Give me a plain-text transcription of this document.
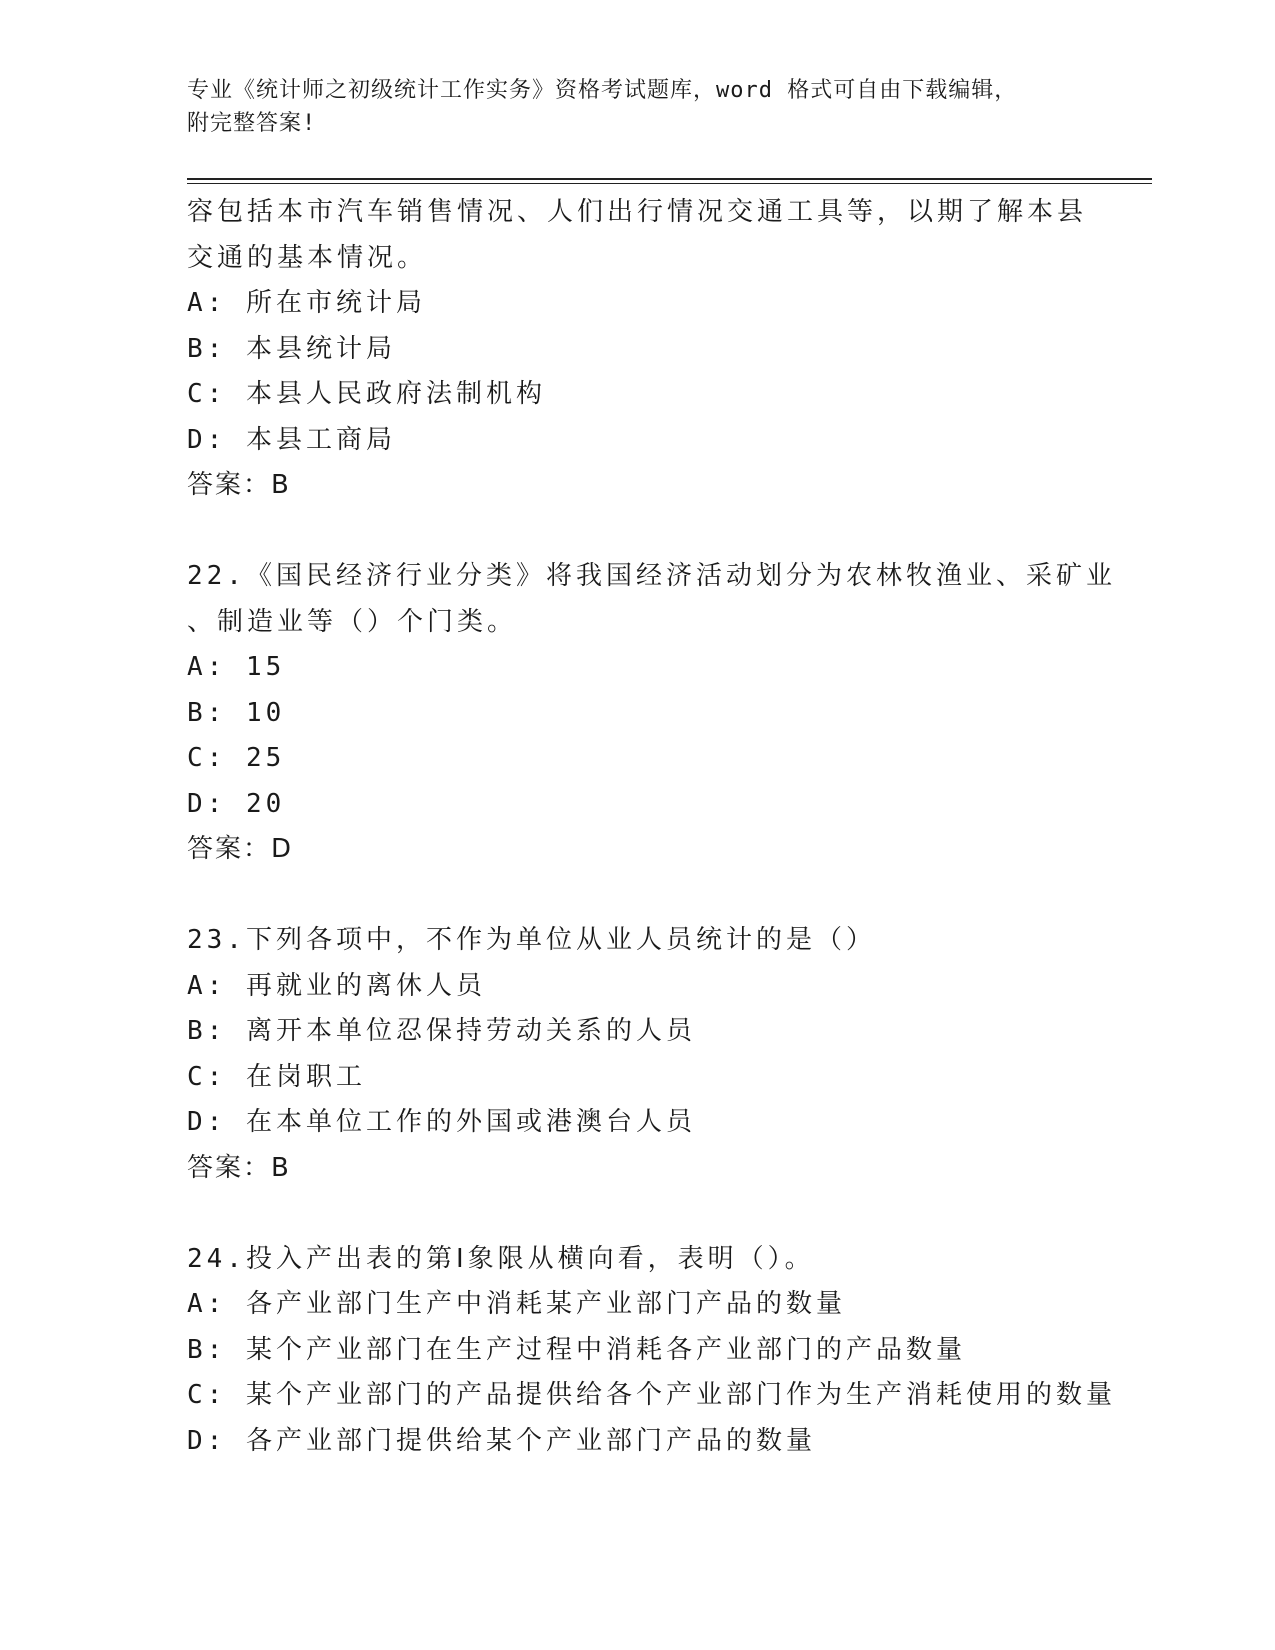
专业《统计师之初级统计工作实务》资格考试题库，word 格式可自由下载编辑，
附完整答案!
容包括本市汽车销售情况、人们出行情况交通工具等，以期了解本县
交通的基本情况。
A: 所在市统计局
B: 本县统计局
C: 本县人民政府法制机构
D: 本县工商局
答案：B
22.《国民经济行业分类》将我国经济活动划分为农林牧渔业、采矿业
、制造业等（）个门类。
A: 15
B: 10
C: 25
D: 20
答案：D
23.下列各项中，不作为单位从业人员统计的是（）
A: 再就业的离休人员
B: 离开本单位忍保持劳动关系的人员
C: 在岗职工
D: 在本单位工作的外国或港澳台人员
答案：B
24.投入产出表的第Ⅰ象限从横向看，表明（）。
A: 各产业部门生产中消耗某产业部门产品的数量
B: 某个产业部门在生产过程中消耗各产业部门的产品数量
C: 某个产业部门的产品提供给各个产业部门作为生产消耗使用的数量
D: 各产业部门提供给某个产业部门产品的数量
